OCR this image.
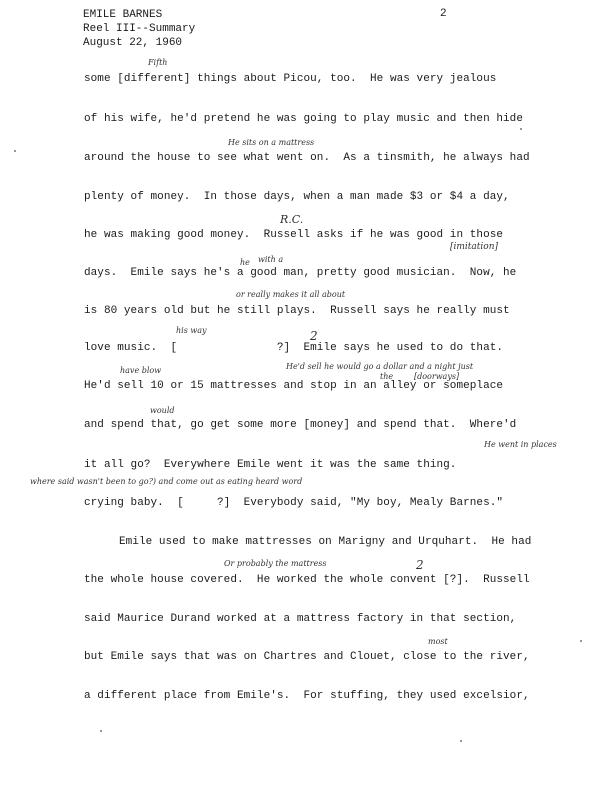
EMILE BARNES
Reel III--Summary
August 22, 1960
2
some [different] things about Picou, too.  He was very jealous
of his wife, he'd pretend he was going to play music and then hide
around the house to see what went on.  As a tinsmith, he always had
plenty of money.  In those days, when a man made $3 or $4 a day,
he was making good money.  Russell asks if he was good in those
days.  Emile says he's a good man, pretty good musician.  Now, he
is 80 years old but he still plays.  Russell says he really must
love music.  [               ?]  Emile says he used to do that.
He'd sell 10 or 15 mattresses and stop in an alley or someplace
and spend that, go get some more [money] and spend that.  Where'd
it all go?  Everywhere Emile went it was the same thing.
crying baby.  [     ?]  Everybody said, "My boy, Mealy Barnes."
Emile used to make mattresses on Marigny and Urquhart.  He had
the whole house covered.  He worked the whole convent [?].  Russell
said Maurice Durand worked at a mattress factory in that section,
but Emile says that was on Chartres and Clouet, close to the river,
a different place from Emile's.  For stuffing, they used excelsior,
Fifth
He sits on a mattress
R.C.
[imitation]
with a
or really makes it all about
he
his way	2
He'd sell he would go a dollar and a night just
[doorways]
have blow
the
would
He went in places
where said wasn't been to go?) and come out as eating heard word
2
Or probably the mattress
most
